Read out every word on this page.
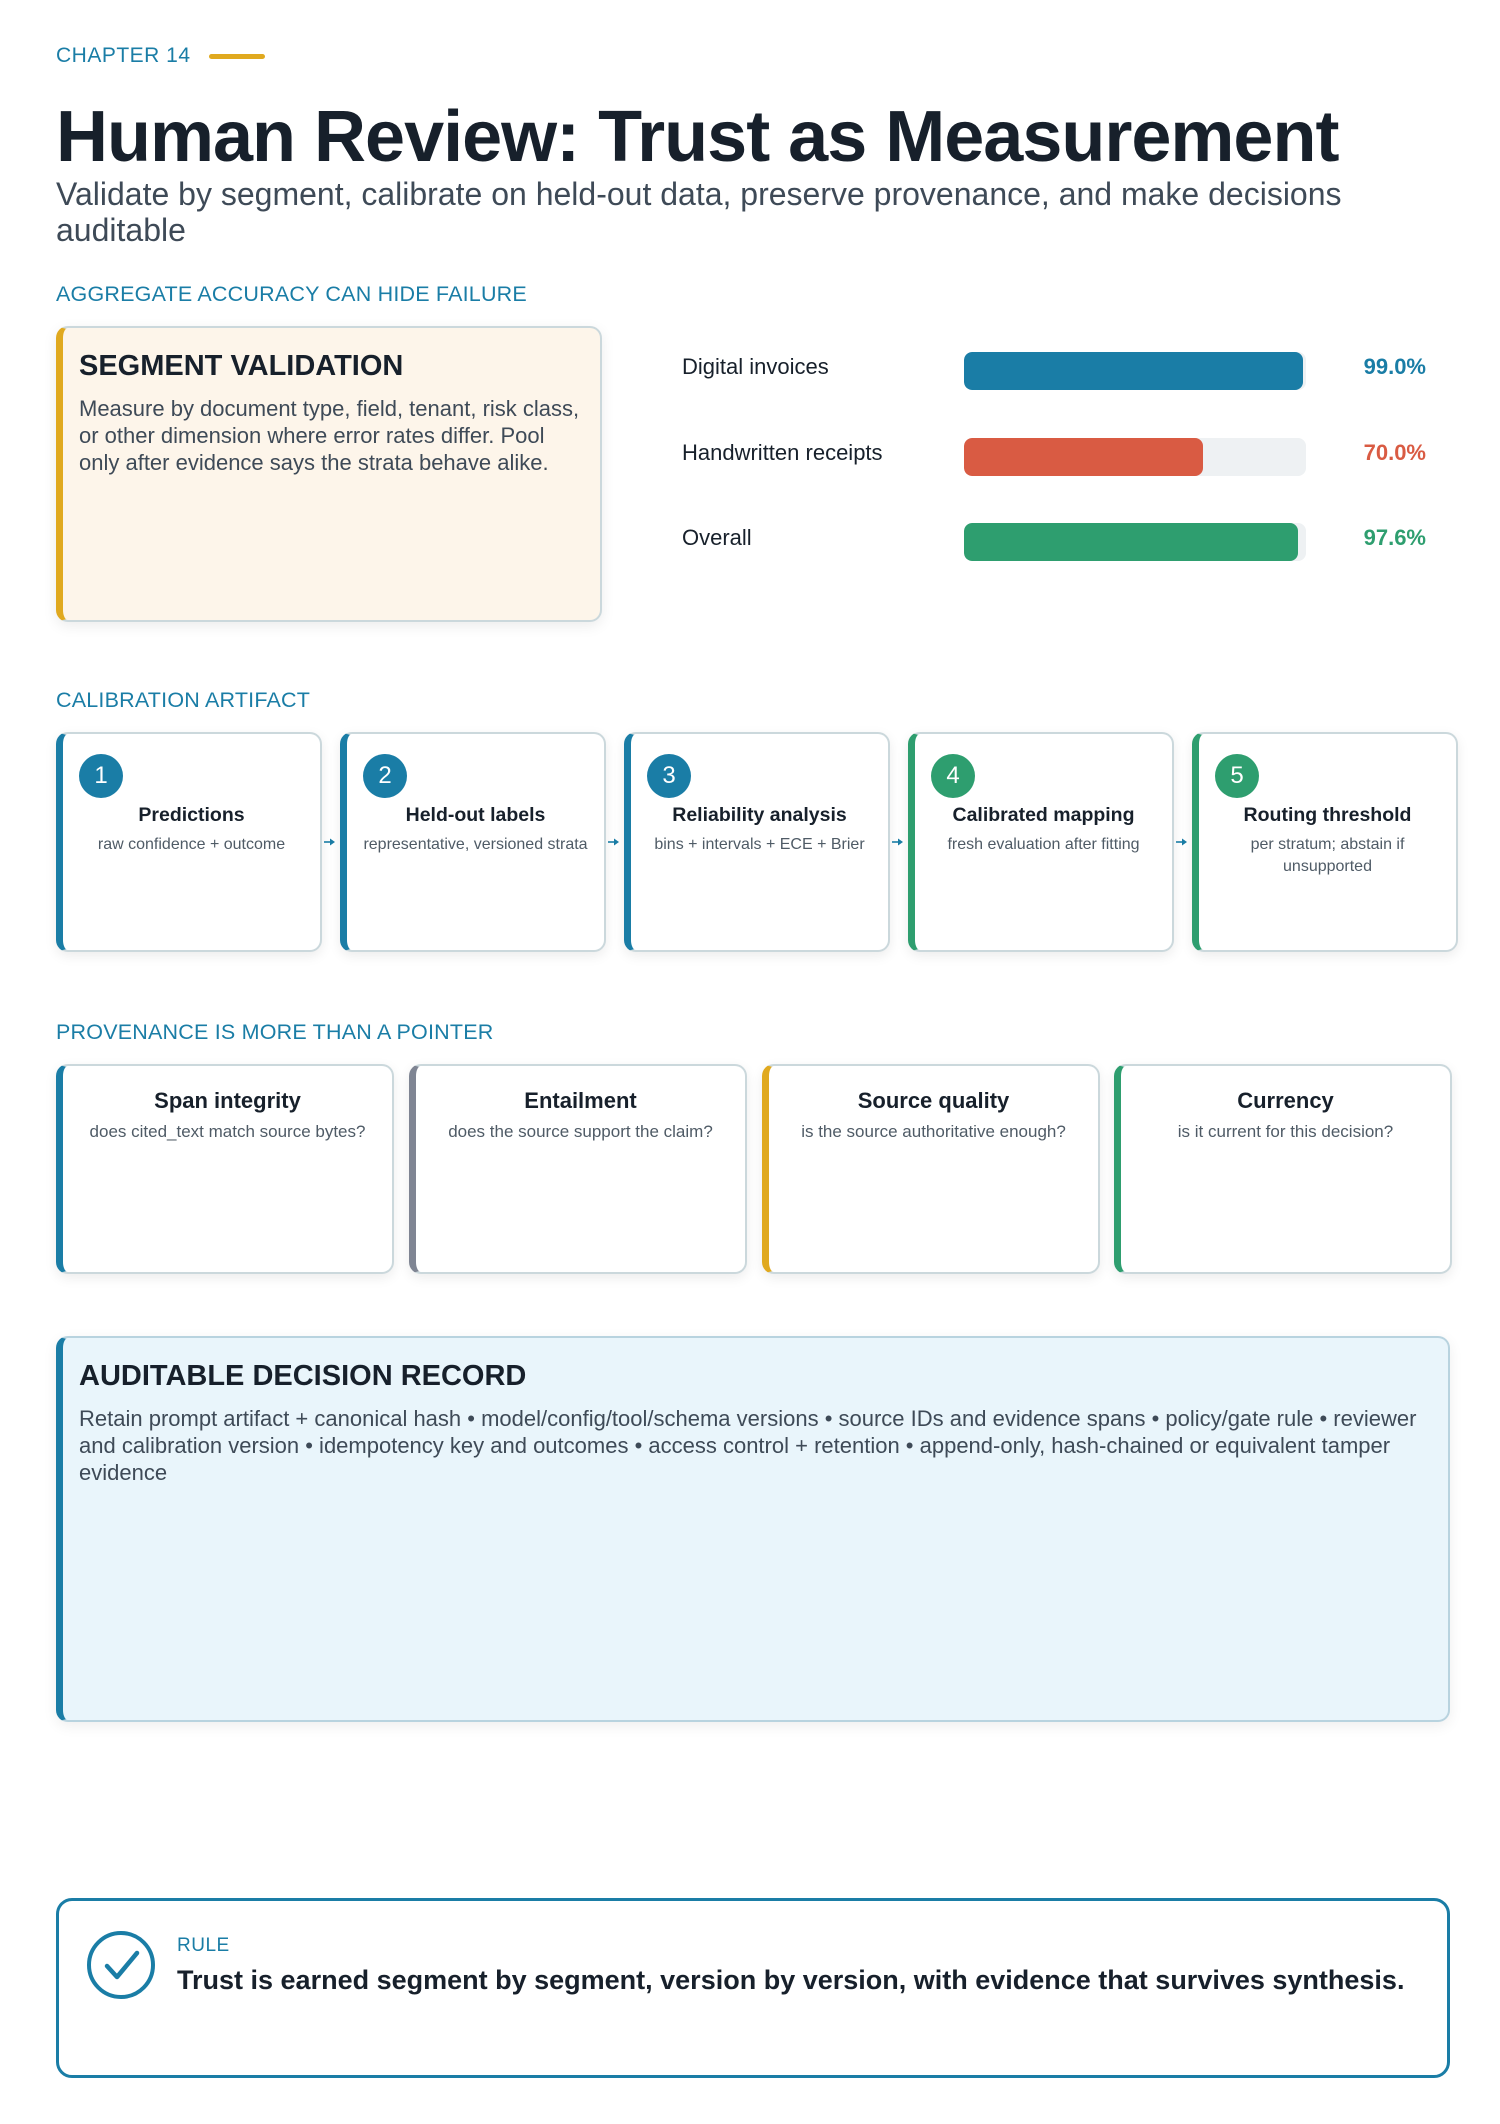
CHAPTER 14
Human Review: Trust as Measurement

Validate by segment, calibrate on held-out data, preserve provenance, and make decisions auditable

AGGREGATE ACCURACY CAN HIDE FAILURE
SEGMENT VALIDATION
Measure by document type, field, tenant, risk class, or other dimension where error rates differ. Pool only after evidence says the strata behave alike.
Digital invoices	99.0%
Handwritten receipts	70.0%
Overall	97.6%
CALIBRATION ARTIFACT
1
Predictions
raw confidence + outcome
2
Held-out labels
representative, versioned strata
3
Reliability analysis
bins + intervals + ECE + Brier
4
Calibrated mapping
fresh evaluation after fitting
5
Routing threshold
per stratum; abstain if unsupported
PROVENANCE IS MORE THAN A POINTER
Span integrity
does cited_text match source bytes?
Entailment
does the source support the claim?
Source quality
is the source authoritative enough?
Currency
is it current for this decision?
AUDITABLE DECISION RECORD
Retain prompt artifact + canonical hash • model/config/tool/schema versions • source IDs and evidence spans • policy/gate rule • reviewer and calibration version • idempotency key and outcomes • access control + retention • append-only, hash-chained or equivalent tamper evidence
RULE
Trust is earned segment by segment, version by version, with evidence that survives synthesis.
